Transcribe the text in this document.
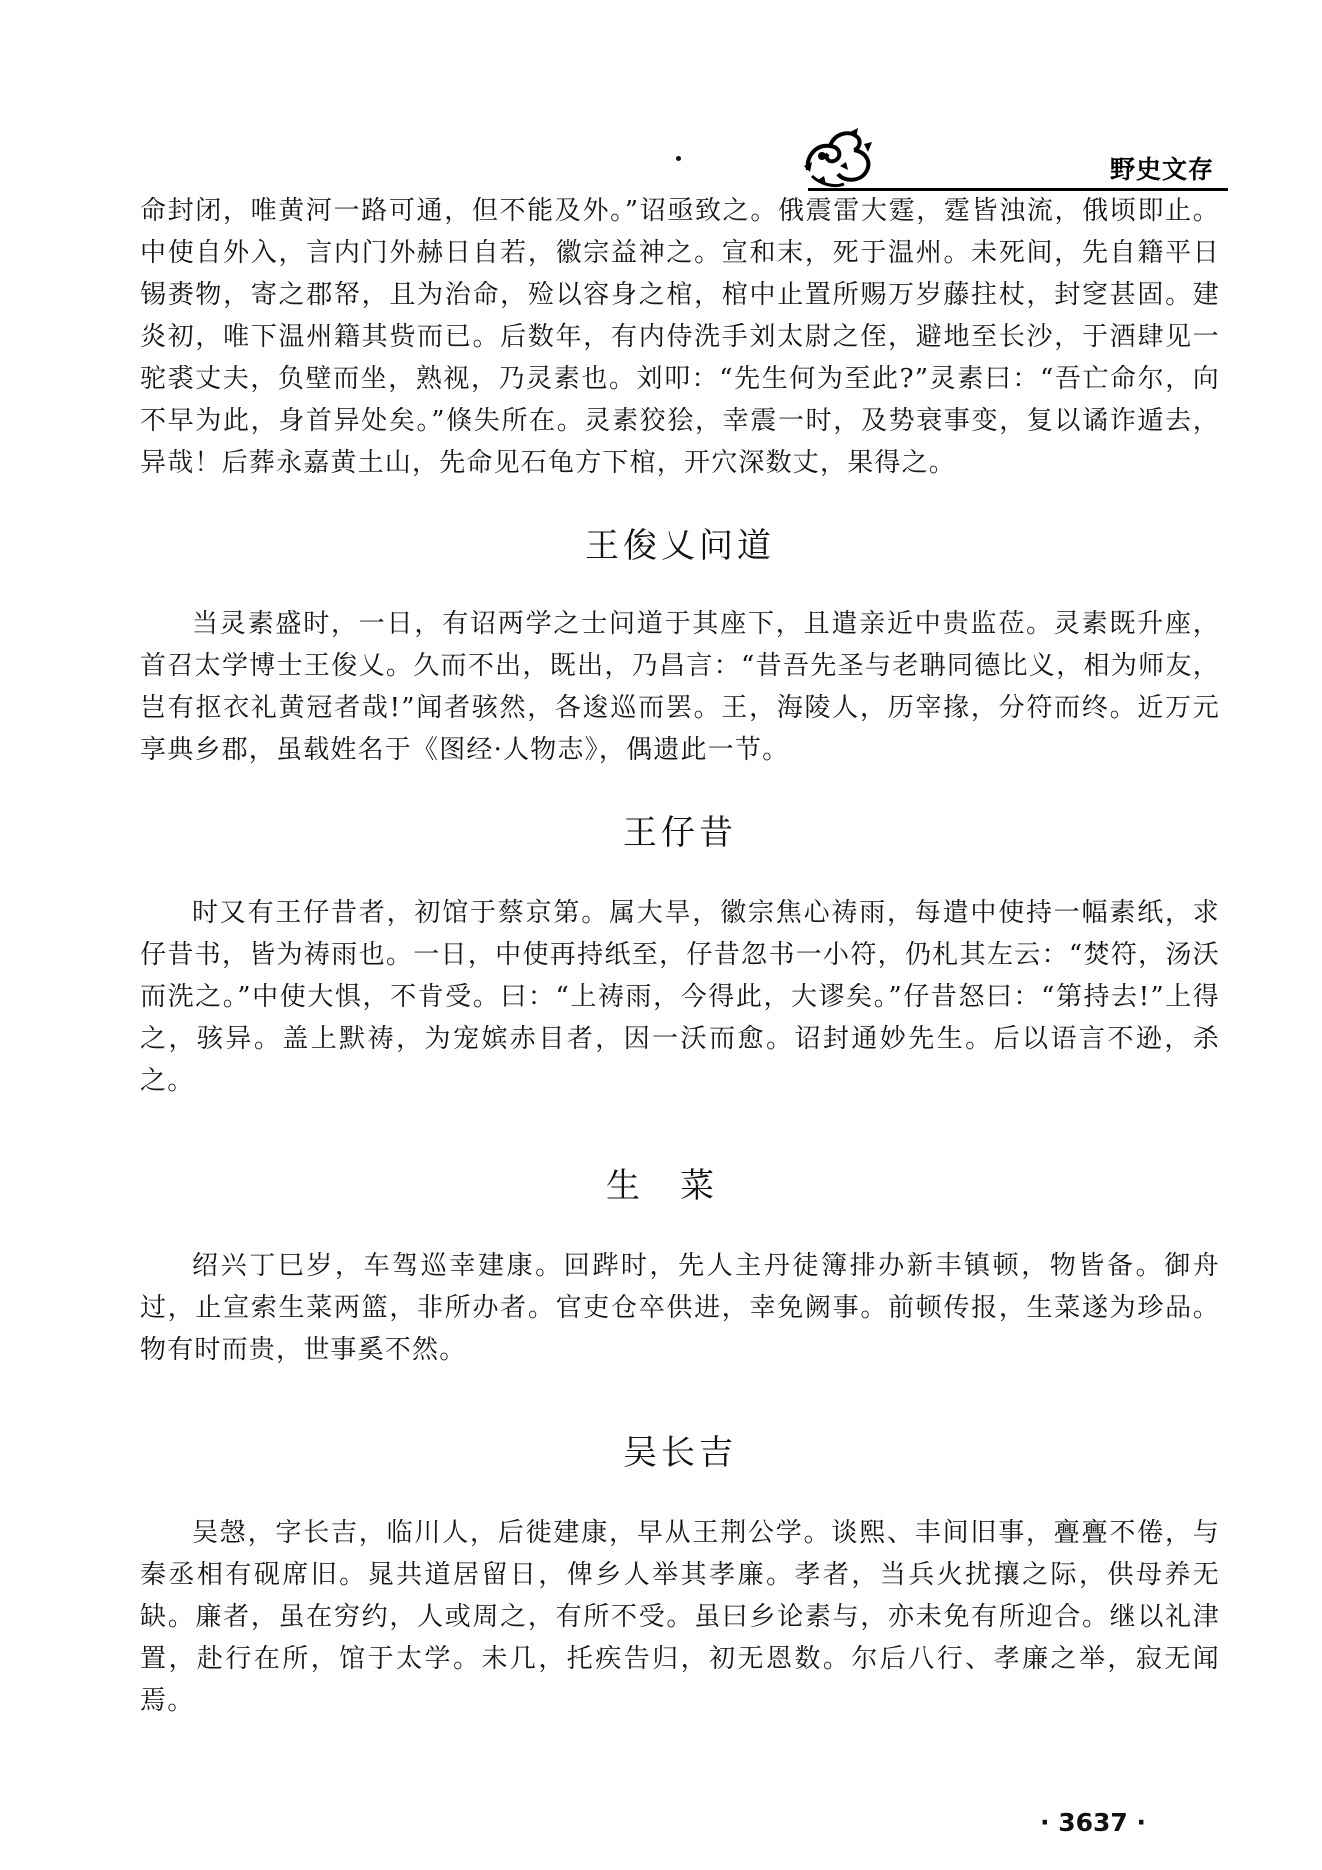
野史文存

命封闭，唯黄河一路可通，但不能及外。”诏亟致之。俄震雷大霆，霆皆浊流，俄顷即止。中使自外入，言内门外赫日自若，徽宗益神之。宣和末，死于温州。未死间，先自籍平日锡赉物，寄之郡帑，且为治命，殓以容身之棺，棺中止置所赐万岁藤拄杖，封窆甚固。建炎初，唯下温州籍其赀而已。后数年，有内侍洗手刘太尉之侄，避地至长沙，于酒肆见一驼裘丈夫，负壁而坐，熟视，乃灵素也。刘叩：“先生何为至此?”灵素曰：“吾亡命尔，向不早为此，身首异处矣。”倏失所在。灵素狡狯，幸震一时，及势衰事变，复以谲诈遁去，异哉！后葬永嘉黄土山，先命见石龟方下棺，开穴深数丈，果得之。

王俊乂问道

当灵素盛时，一日，有诏两学之士问道于其座下，且遣亲近中贵监莅。灵素既升座，首召太学博士王俊乂。久而不出，既出，乃昌言：“昔吾先圣与老聃同德比义，相为师友，岂有抠衣礼黄冠者哉!”闻者骇然，各逡巡而罢。王，海陵人，历宰掾，分符而终。近万元享典乡郡，虽载姓名于《图经·人物志》，偶遗此一节。

王仔昔

时又有王仔昔者，初馆于蔡京第。属大旱，徽宗焦心祷雨，每遣中使持一幅素纸，求仔昔书，皆为祷雨也。一日，中使再持纸至，仔昔忽书一小符，仍札其左云：“焚符，汤沃而洗之。”中使大惧，不肯受。曰：“上祷雨，今得此，大谬矣。”仔昔怒曰：“第持去!”上得之，骇异。盖上默祷，为宠嫔赤目者，因一沃而愈。诏封通妙先生。后以语言不逊，杀之。

生菜

绍兴丁巳岁，车驾巡幸建康。回跸时，先人主丹徒簿排办新丰镇顿，物皆备。御舟过，止宣索生菜两篮，非所办者。官吏仓卒供进，幸免阙事。前顿传报，生菜遂为珍品。物有时而贵，世事奚不然。

吴长吉

吴愨，字长吉，临川人，后徙建康，早从王荆公学。谈熙、丰间旧事，亹亹不倦，与秦丞相有砚席旧。晁共道居留日，俾乡人举其孝廉。孝者，当兵火扰攘之际，供母养无缺。廉者，虽在穷约，人或周之，有所不受。虽曰乡论素与，亦未免有所迎合。继以礼津置，赴行在所，馆于太学。未几，托疾告归，初无恩数。尔后八行、孝廉之举，寂无闻焉。

· 3637 ·
